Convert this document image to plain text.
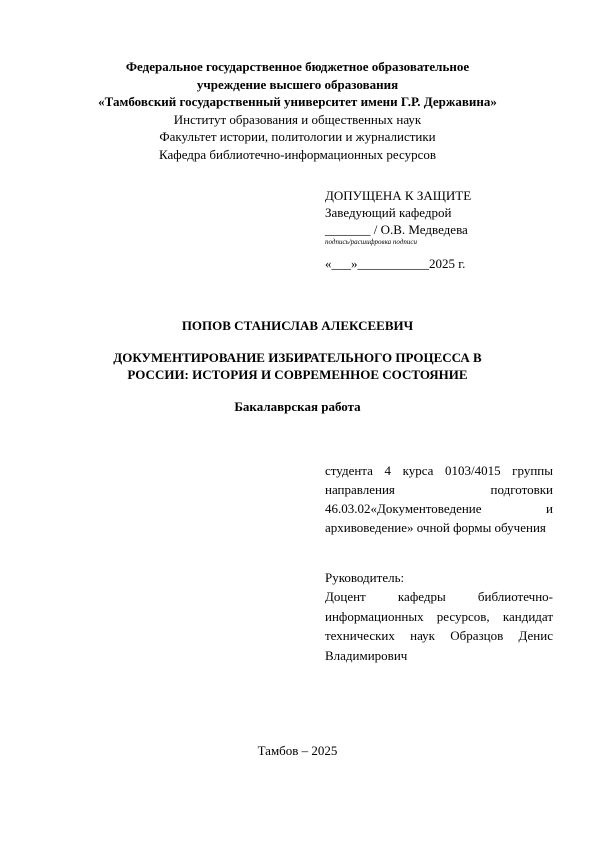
Федеральное государственное бюджетное образовательное
учреждение высшего образования
«Тамбовский государственный университет имени Г.Р. Державина»
Институт образования и общественных наук
Факультет истории, политологии и журналистики
Кафедра библиотечно-информационных ресурсов
ДОПУЩЕНА К ЗАЩИТЕ
Заведующий кафедрой
_______ / О.В. Медведева
подпись/расшифровка подписи
«___»___________2025 г.
ПОПОВ СТАНИСЛАВ АЛЕКСЕЕВИЧ
ДОКУМЕНТИРОВАНИЕ ИЗБИРАТЕЛЬНОГО ПРОЦЕССА В
РОССИИ: ИСТОРИЯ И СОВРЕМЕННОЕ СОСТОЯНИЕ
Бакалаврская работа
студента 4 курса 0103/4015 группы направления подготовки 46.03.02«Документоведение и архивоведение» очной формы обучения
Руководитель:
Доцент кафедры библиотечно-информационных ресурсов, кандидат технических наук Образцов Денис Владимирович
Тамбов – 2025
